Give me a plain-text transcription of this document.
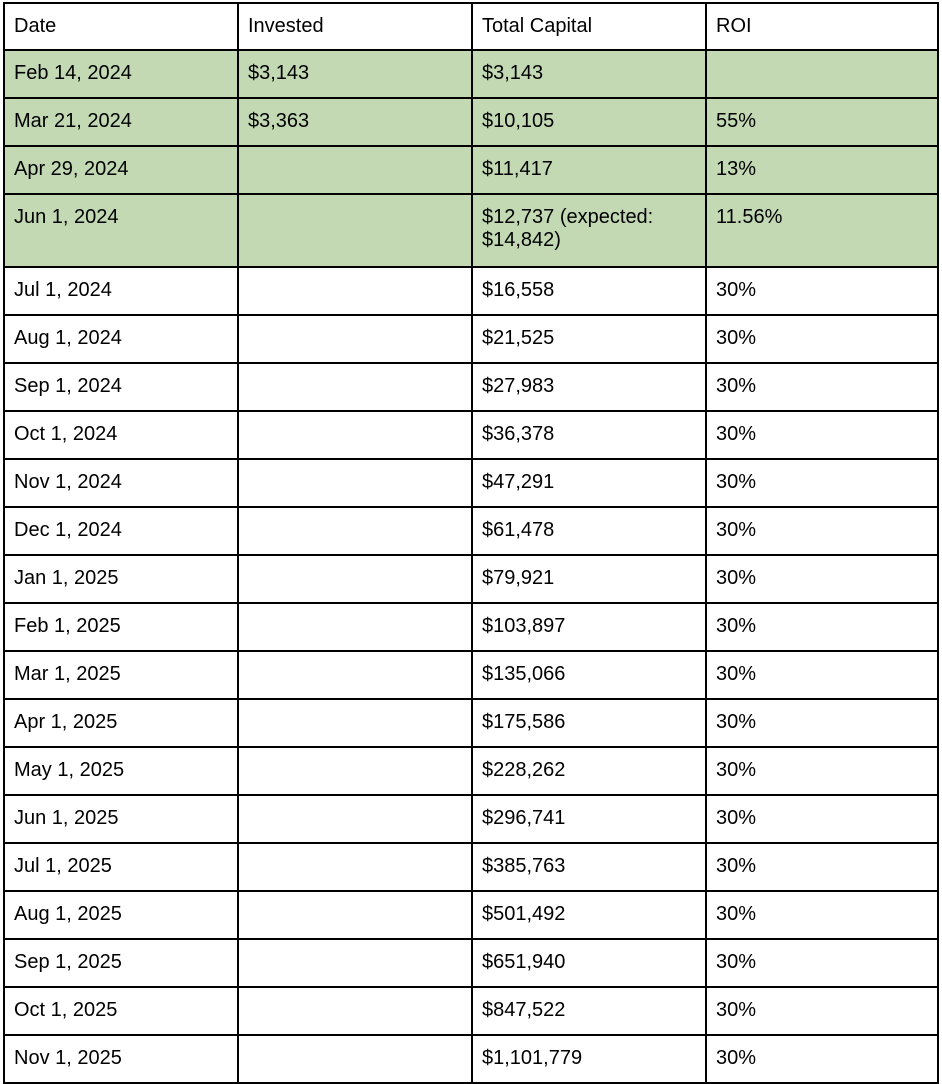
Date	Invested	Total Capital	ROI
Feb 14, 2024	$3,143	$3,143	
Mar 21, 2024	$3,363	$10,105	55%
Apr 29, 2024		$11,417	13%
Jun 1, 2024		$12,737 (expected: $14,842)	11.56%
Jul 1, 2024		$16,558	30%
Aug 1, 2024		$21,525	30%
Sep 1, 2024		$27,983	30%
Oct 1, 2024		$36,378	30%
Nov 1, 2024		$47,291	30%
Dec 1, 2024		$61,478	30%
Jan 1, 2025		$79,921	30%
Feb 1, 2025		$103,897	30%
Mar 1, 2025		$135,066	30%
Apr 1, 2025		$175,586	30%
May 1, 2025		$228,262	30%
Jun 1, 2025		$296,741	30%
Jul 1, 2025		$385,763	30%
Aug 1, 2025		$501,492	30%
Sep 1, 2025		$651,940	30%
Oct 1, 2025		$847,522	30%
Nov 1, 2025		$1,101,779	30%
